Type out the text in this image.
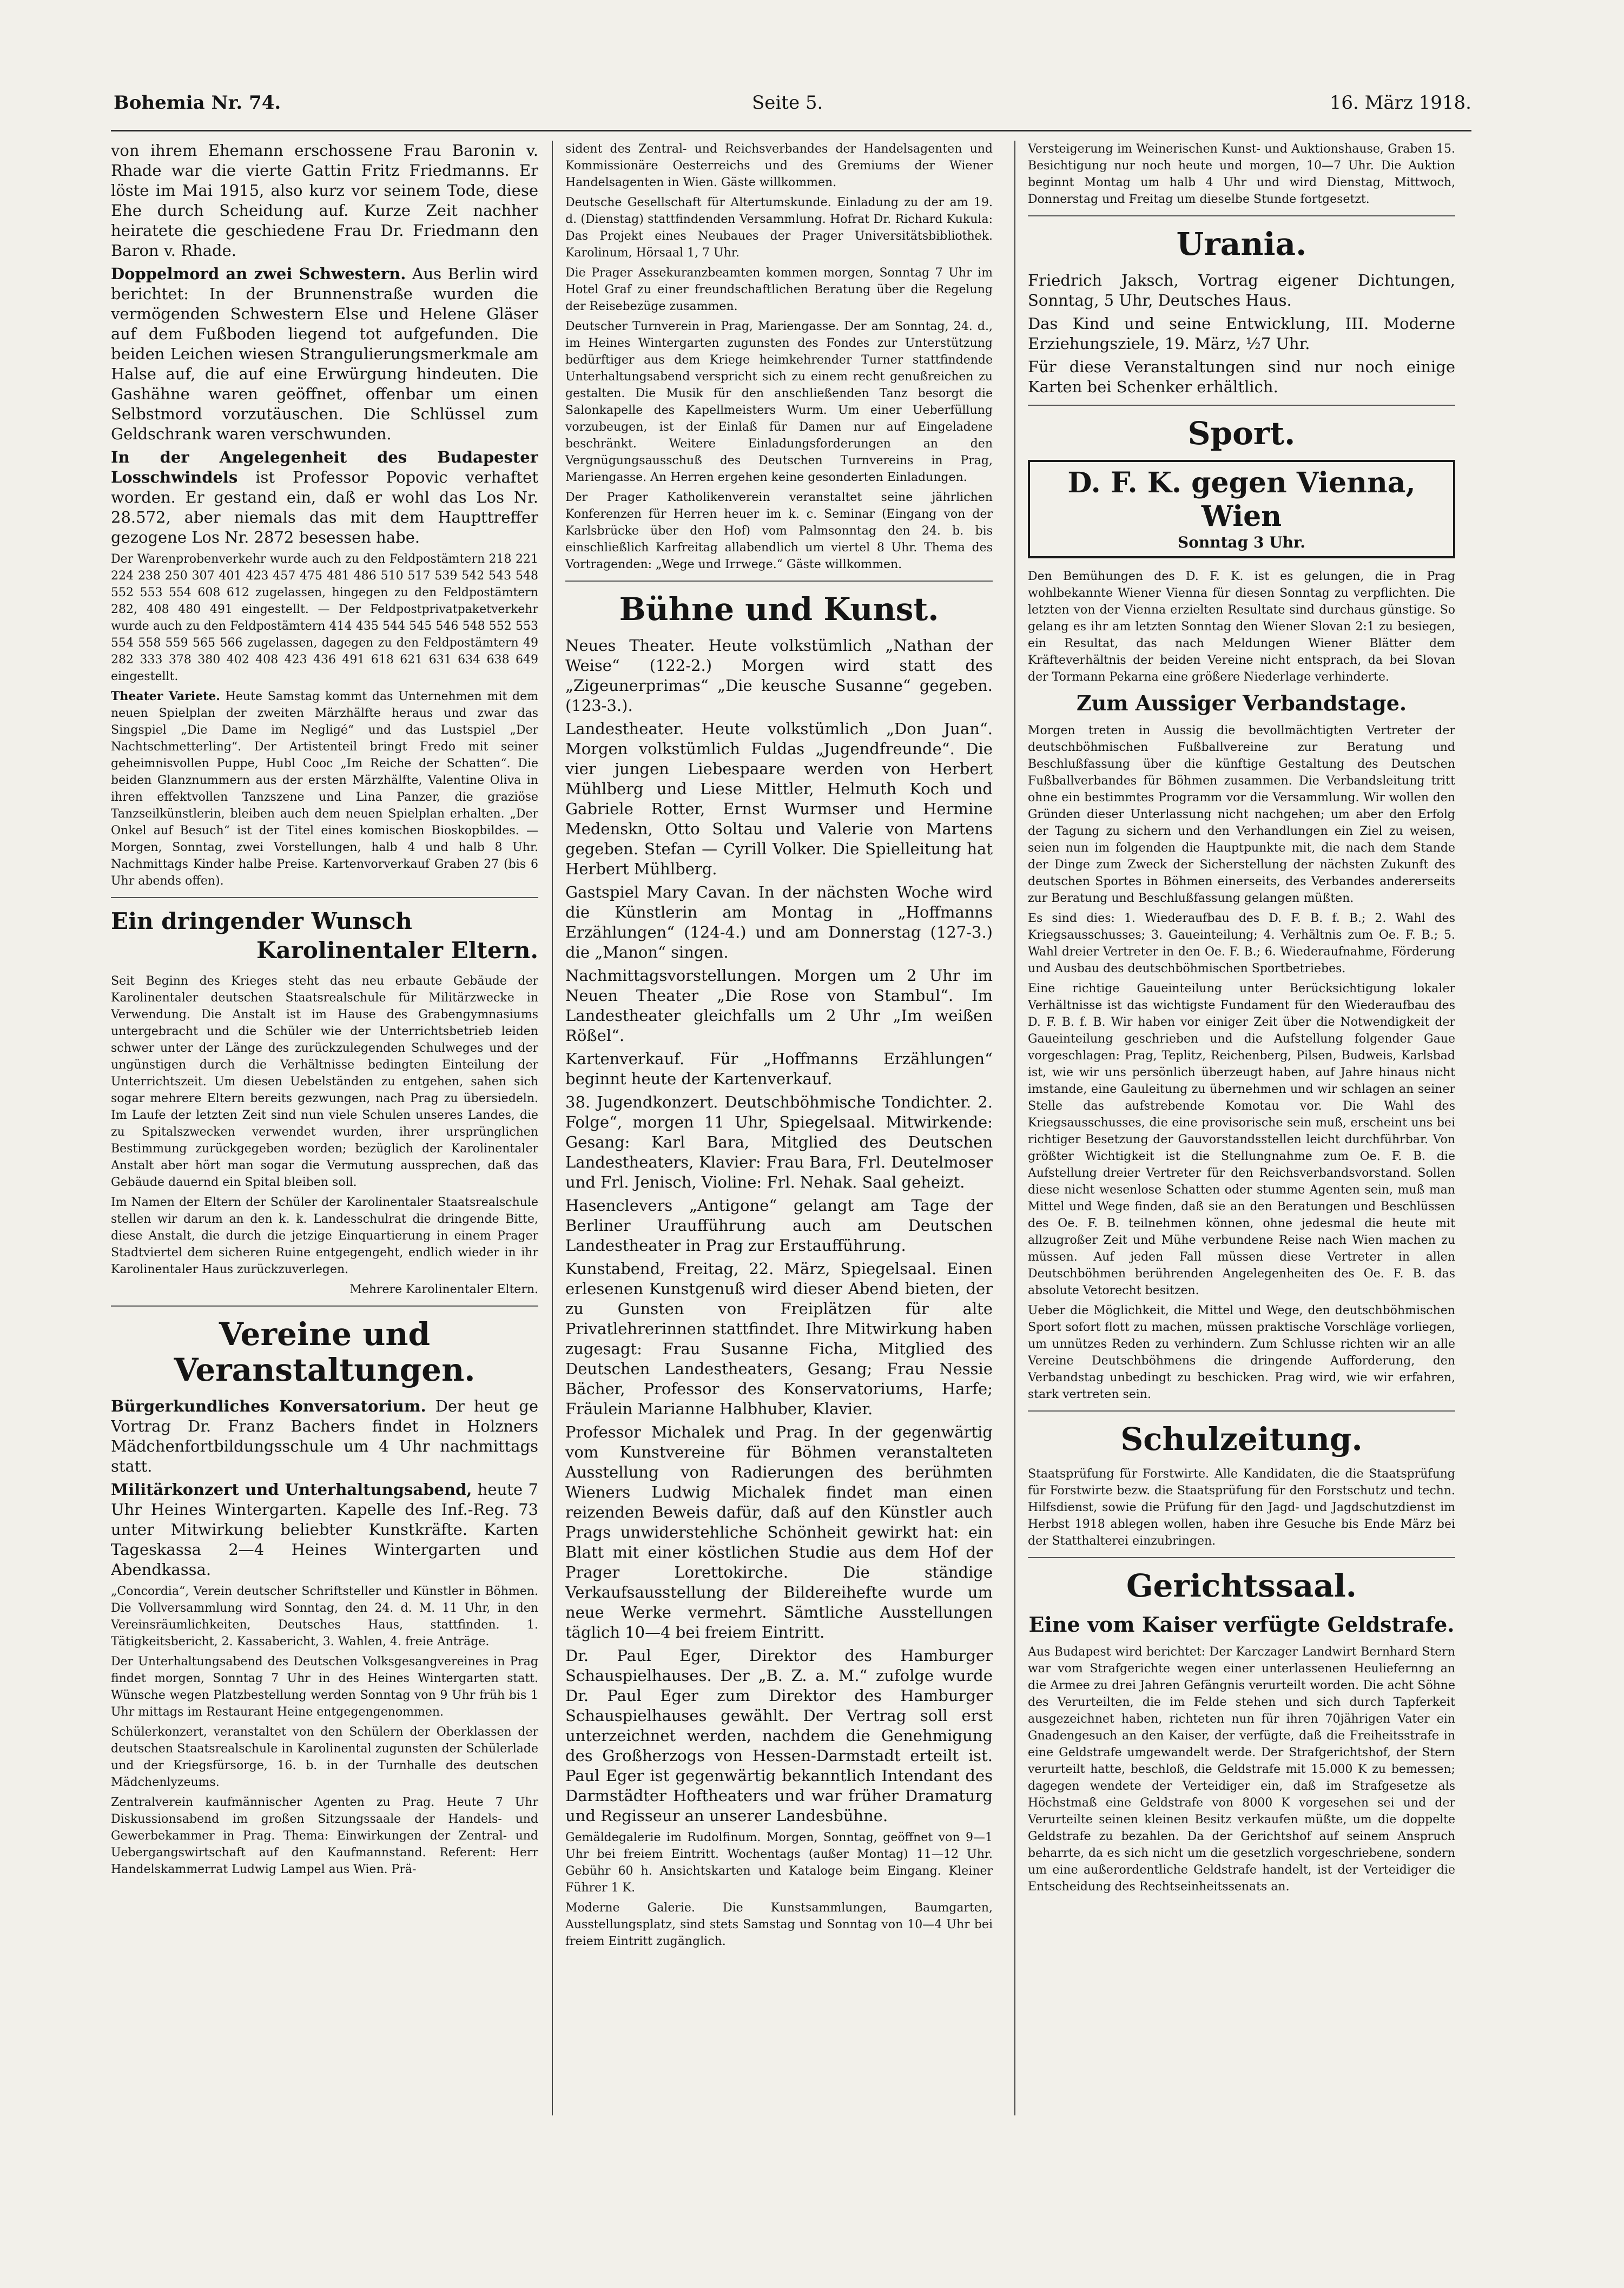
Bohemia Nr. 74.	Seite 5.	16. März 1918.

von ihrem Ehemann erschossene Frau Baronin v. Rhade war die vierte Gattin Fritz Friedmanns. Er löste im Mai 1915, also kurz vor seinem Tode, diese Ehe durch Scheidung auf. Kurze Zeit nachher heiratete die geschiedene Frau Dr. Friedmann den Baron v. Rhade.

Doppelmord an zwei Schwestern. Aus Berlin wird berichtet: In der Brunnenstraße wurden die vermögenden Schwestern Else und Helene Gläser auf dem Fußboden liegend tot aufgefunden. Die beiden Leichen wiesen Strangulierungsmerkmale am Halse auf, die auf eine Erwürgung hindeuten. Die Gashähne waren geöffnet, offenbar um einen Selbstmord vorzutäuschen. Die Schlüssel zum Geldschrank waren verschwunden.

In der Angelegenheit des Budapester Losschwindels ist Professor Popovic verhaftet worden. Er gestand ein, daß er wohl das Los Nr. 28.572, aber niemals das mit dem Haupttreffer gezogene Los Nr. 2872 besessen habe.

Der Warenprobenverkehr wurde auch zu den Feldpostämtern 218 221 224 238 250 307 401 423 457 475 481 486 510 517 539 542 543 548 552 553 554 608 612 zugelassen, hingegen zu den Feldpostämtern 282, 408 480 491 eingestellt. — Der Feldpostprivatpaketverkehr wurde auch zu den Feldpostämtern 414 435 544 545 546 548 552 553 554 558 559 565 566 zugelassen, dagegen zu den Feldpostämtern 49 282 333 378 380 402 408 423 436 491 618 621 631 634 638 649 eingestellt.

Theater Variete. Heute Samstag kommt das Unternehmen mit dem neuen Spielplan der zweiten Märzhälfte heraus und zwar das Singspiel „Die Dame im Negligé“ und das Lustspiel „Der Nachtschmetterling“. Der Artistenteil bringt Fredo mit seiner geheimnisvollen Puppe, Hubl Cooc „Im Reiche der Schatten“. Die beiden Glanznummern aus der ersten Märzhälfte, Valentine Oliva in ihren effektvollen Tanzszene und Lina Panzer, die graziöse Tanzseilkünstlerin, bleiben auch dem neuen Spielplan erhalten. „Der Onkel auf Besuch“ ist der Titel eines komischen Bioskopbildes. — Morgen, Sonntag, zwei Vorstellungen, halb 4 und halb 8 Uhr. Nachmittags Kinder halbe Preise. Kartenvorverkauf Graben 27 (bis 6 Uhr abends offen).

Ein dringender Wunsch
Karolinentaler Eltern.

Seit Beginn des Krieges steht das neu erbaute Gebäude der Karolinentaler deutschen Staatsrealschule für Militärzwecke in Verwendung. Die Anstalt ist im Hause des Grabengymnasiums untergebracht und die Schüler wie der Unterrichtsbetrieb leiden schwer unter der Länge des zurückzulegenden Schulweges und der ungünstigen durch die Verhältnisse bedingten Einteilung der Unterrichtszeit. Um diesen Uebelständen zu entgehen, sahen sich sogar mehrere Eltern bereits gezwungen, nach Prag zu übersiedeln. Im Laufe der letzten Zeit sind nun viele Schulen unseres Landes, die zu Spitalszwecken verwendet wurden, ihrer ursprünglichen Bestimmung zurückgegeben worden; bezüglich der Karolinentaler Anstalt aber hört man sogar die Vermutung aussprechen, daß das Gebäude dauernd ein Spital bleiben soll.

Im Namen der Eltern der Schüler der Karolinentaler Staatsrealschule stellen wir darum an den k. k. Landesschulrat die dringende Bitte, diese Anstalt, die durch die jetzige Einquartierung in einem Prager Stadtviertel dem sicheren Ruine entgegengeht, endlich wieder in ihr Karolinentaler Haus zurückzuverlegen.

Mehrere Karolinentaler Eltern.

Vereine und Veranstaltungen.

Bürgerkundliches Konversatorium. Der heut ge Vortrag Dr. Franz Bachers findet in Holzners Mädchenfortbildungsschule um 4 Uhr nachmittags statt.

Militärkonzert und Unterhaltungsabend, heute 7 Uhr Heines Wintergarten. Kapelle des Inf.-Reg. 73 unter Mitwirkung beliebter Kunstkräfte. Karten Tageskassa 2—4 Heines Wintergarten und Abendkassa.

„Concordia“, Verein deutscher Schriftsteller und Künstler in Böhmen. Die Vollversammlung wird Sonntag, den 24. d. M. 11 Uhr, in den Vereinsräumlichkeiten, Deutsches Haus, stattfinden. 1. Tätigkeitsbericht, 2. Kassabericht, 3. Wahlen, 4. freie Anträge.

Der Unterhaltungsabend des Deutschen Volksgesangvereines in Prag findet morgen, Sonntag 7 Uhr in des Heines Wintergarten statt. Wünsche wegen Platzbestellung werden Sonntag von 9 Uhr früh bis 1 Uhr mittags im Restaurant Heine entgegengenommen.

Schülerkonzert, veranstaltet von den Schülern der Oberklassen der deutschen Staatsrealschule in Karolinental zugunsten der Schülerlade und der Kriegsfürsorge, 16. b. in der Turnhalle des deutschen Mädchenlyzeums.

Zentralverein kaufmännischer Agenten zu Prag. Heute 7 Uhr Diskussionsabend im großen Sitzungssaale der Handels- und Gewerbekammer in Prag. Thema: Einwirkungen der Zentral- und Uebergangswirtschaft auf den Kaufmannstand. Referent: Herr Handelskammerrat Ludwig Lampel aus Wien. Prä-

sident des Zentral- und Reichsverbandes der Handelsagenten und Kommissionäre Oesterreichs und des Gremiums der Wiener Handelsagenten in Wien. Gäste willkommen.

Deutsche Gesellschaft für Altertumskunde. Einladung zu der am 19. d. (Dienstag) stattfindenden Versammlung. Hofrat Dr. Richard Kukula: Das Projekt eines Neubaues der Prager Universitätsbibliothek. Karolinum, Hörsaal 1, 7 Uhr.

Die Prager Assekuranzbeamten kommen morgen, Sonntag 7 Uhr im Hotel Graf zu einer freundschaftlichen Beratung über die Regelung der Reisebezüge zusammen.

Deutscher Turnverein in Prag, Mariengasse. Der am Sonntag, 24. d., im Heines Wintergarten zugunsten des Fondes zur Unterstützung bedürftiger aus dem Kriege heimkehrender Turner stattfindende Unterhaltungsabend verspricht sich zu einem recht genußreichen zu gestalten. Die Musik für den anschließenden Tanz besorgt die Salonkapelle des Kapellmeisters Wurm. Um einer Ueberfüllung vorzubeugen, ist der Einlaß für Damen nur auf Eingeladene beschränkt. Weitere Einladungsforderungen an den Vergnügungsausschuß des Deutschen Turnvereins in Prag, Mariengasse. An Herren ergehen keine gesonderten Einladungen.

Der Prager Katholikenverein veranstaltet seine jährlichen Konferenzen für Herren heuer im k. c. Seminar (Eingang von der Karlsbrücke über den Hof) vom Palmsonntag den 24. b. bis einschließlich Karfreitag allabendlich um viertel 8 Uhr. Thema des Vortragenden: „Wege und Irrwege.“ Gäste willkommen.

Bühne und Kunst.

Neues Theater. Heute volkstümlich „Nathan der Weise“ (122-2.) Morgen wird statt des „Zigeunerprimas“ „Die keusche Susanne“ gegeben. (123-3.).

Landestheater. Heute volkstümlich „Don Juan“. Morgen volkstümlich Fuldas „Jugendfreunde“. Die vier jungen Liebespaare werden von Herbert Mühlberg und Liese Mittler, Helmuth Koch und Gabriele Rotter, Ernst Wurmser und Hermine Medenskn, Otto Soltau und Valerie von Martens gegeben. Stefan — Cyrill Volker. Die Spielleitung hat Herbert Mühlberg.

Gastspiel Mary Cavan. In der nächsten Woche wird die Künstlerin am Montag in „Hoffmanns Erzählungen“ (124-4.) und am Donnerstag (127-3.) die „Manon“ singen.

Nachmittagsvorstellungen. Morgen um 2 Uhr im Neuen Theater „Die Rose von Stambul“. Im Landestheater gleichfalls um 2 Uhr „Im weißen Rößel“.

Kartenverkauf. Für „Hoffmanns Erzählungen“ beginnt heute der Kartenverkauf.

38. Jugendkonzert. Deutschböhmische Tondichter. 2. Folge“, morgen 11 Uhr, Spiegelsaal. Mitwirkende: Gesang: Karl Bara, Mitglied des Deutschen Landestheaters, Klavier: Frau Bara, Frl. Deutelmoser und Frl. Jenisch, Violine: Frl. Nehak. Saal geheizt.

Hasenclevers „Antigone“ gelangt am Tage der Berliner Uraufführung auch am Deutschen Landestheater in Prag zur Erstaufführung.

Kunstabend, Freitag, 22. März, Spiegelsaal. Einen erlesenen Kunstgenuß wird dieser Abend bieten, der zu Gunsten von Freiplätzen für alte Privatlehrerinnen stattfindet. Ihre Mitwirkung haben zugesagt: Frau Susanne Ficha, Mitglied des Deutschen Landestheaters, Gesang; Frau Nessie Bächer, Professor des Konservatoriums, Harfe; Fräulein Marianne Halbhuber, Klavier.

Professor Michalek und Prag. In der gegenwärtig vom Kunstvereine für Böhmen veranstalteten Ausstellung von Radierungen des berühmten Wieners Ludwig Michalek findet man einen reizenden Beweis dafür, daß auf den Künstler auch Prags unwiderstehliche Schönheit gewirkt hat: ein Blatt mit einer köstlichen Studie aus dem Hof der Prager Lorettokirche. Die ständige Verkaufsausstellung der Bildereihefte wurde um neue Werke vermehrt. Sämtliche Ausstellungen täglich 10—4 bei freiem Eintritt.

Dr. Paul Eger, Direktor des Hamburger Schauspielhauses. Der „B. Z. a. M.“ zufolge wurde Dr. Paul Eger zum Direktor des Hamburger Schauspielhauses gewählt. Der Vertrag soll erst unterzeichnet werden, nachdem die Genehmigung des Großherzogs von Hessen-Darmstadt erteilt ist. Paul Eger ist gegenwärtig bekanntlich Intendant des Darmstädter Hoftheaters und war früher Dramaturg und Regisseur an unserer Landesbühne.

Gemäldegalerie im Rudolfinum. Morgen, Sonntag, geöffnet von 9—1 Uhr bei freiem Eintritt. Wochentags (außer Montag) 11—12 Uhr. Gebühr 60 h. Ansichtskarten und Kataloge beim Eingang. Kleiner Führer 1 K.

Moderne Galerie. Die Kunstsammlungen, Baumgarten, Ausstellungsplatz, sind stets Samstag und Sonntag von 10—4 Uhr bei freiem Eintritt zugänglich.

Versteigerung im Weinerischen Kunst- und Auktionshause, Graben 15. Besichtigung nur noch heute und morgen, 10—7 Uhr. Die Auktion beginnt Montag um halb 4 Uhr und wird Dienstag, Mittwoch, Donnerstag und Freitag um dieselbe Stunde fortgesetzt.

Urania.

Friedrich Jaksch, Vortrag eigener Dichtungen, Sonntag, 5 Uhr, Deutsches Haus.

Das Kind und seine Entwicklung, III. Moderne Erziehungsziele, 19. März, ½7 Uhr.

Für diese Veranstaltungen sind nur noch einige Karten bei Schenker erhältlich.

Sport.
D. F. K. gegen Vienna, Wien
Sonntag 3 Uhr.

Den Bemühungen des D. F. K. ist es gelungen, die in Prag wohlbekannte Wiener Vienna für diesen Sonntag zu verpflichten. Die letzten von der Vienna erzielten Resultate sind durchaus günstige. So gelang es ihr am letzten Sonntag den Wiener Slovan 2:1 zu besiegen, ein Resultat, das nach Meldungen Wiener Blätter dem Kräfteverhältnis der beiden Vereine nicht entsprach, da bei Slovan der Tormann Pekarna eine größere Niederlage verhinderte.

Zum Aussiger Verbandstage.

Morgen treten in Aussig die bevollmächtigten Vertreter der deutschböhmischen Fußballvereine zur Beratung und Beschlußfassung über die künftige Gestaltung des Deutschen Fußballverbandes für Böhmen zusammen. Die Verbandsleitung tritt ohne ein bestimmtes Programm vor die Versammlung. Wir wollen den Gründen dieser Unterlassung nicht nachgehen; um aber den Erfolg der Tagung zu sichern und den Verhandlungen ein Ziel zu weisen, seien nun im folgenden die Hauptpunkte mit, die nach dem Stande der Dinge zum Zweck der Sicherstellung der nächsten Zukunft des deutschen Sportes in Böhmen einerseits, des Verbandes andererseits zur Beratung und Beschlußfassung gelangen müßten.

Es sind dies: 1. Wiederaufbau des D. F. B. f. B.; 2. Wahl des Kriegsausschusses; 3. Gaueinteilung; 4. Verhältnis zum Oe. F. B.; 5. Wahl dreier Vertreter in den Oe. F. B.; 6. Wiederaufnahme, Förderung und Ausbau des deutschböhmischen Sportbetriebes.

Eine richtige Gaueinteilung unter Berücksichtigung lokaler Verhältnisse ist das wichtigste Fundament für den Wiederaufbau des D. F. B. f. B. Wir haben vor einiger Zeit über die Notwendigkeit der Gaueinteilung geschrieben und die Aufstellung folgender Gaue vorgeschlagen: Prag, Teplitz, Reichenberg, Pilsen, Budweis, Karlsbad ist, wie wir uns persönlich überzeugt haben, auf Jahre hinaus nicht imstande, eine Gauleitung zu übernehmen und wir schlagen an seiner Stelle das aufstrebende Komotau vor. Die Wahl des Kriegsausschusses, die eine provisorische sein muß, erscheint uns bei richtiger Besetzung der Gauvorstandsstellen leicht durchführbar. Von größter Wichtigkeit ist die Stellungnahme zum Oe. F. B. die Aufstellung dreier Vertreter für den Reichsverbandsvorstand. Sollen diese nicht wesenlose Schatten oder stumme Agenten sein, muß man Mittel und Wege finden, daß sie an den Beratungen und Beschlüssen des Oe. F. B. teilnehmen können, ohne jedesmal die heute mit allzugroßer Zeit und Mühe verbundene Reise nach Wien machen zu müssen. Auf jeden Fall müssen diese Vertreter in allen Deutschböhmen berührenden Angelegenheiten des Oe. F. B. das absolute Vetorecht besitzen.

Ueber die Möglichkeit, die Mittel und Wege, den deutschböhmischen Sport sofort flott zu machen, müssen praktische Vorschläge vorliegen, um unnützes Reden zu verhindern. Zum Schlusse richten wir an alle Vereine Deutschböhmens die dringende Aufforderung, den Verbandstag unbedingt zu beschicken. Prag wird, wie wir erfahren, stark vertreten sein.

Schulzeitung.

Staatsprüfung für Forstwirte. Alle Kandidaten, die die Staatsprüfung für Forstwirte bezw. die Staatsprüfung für den Forstschutz und techn. Hilfsdienst, sowie die Prüfung für den Jagd- und Jagdschutzdienst im Herbst 1918 ablegen wollen, haben ihre Gesuche bis Ende März bei der Statthalterei einzubringen.

Gerichtssaal.
Eine vom Kaiser verfügte Geldstrafe.

Aus Budapest wird berichtet: Der Karczager Landwirt Bernhard Stern war vom Strafgerichte wegen einer unterlassenen Heuliefernng an die Armee zu drei Jahren Gefängnis verurteilt worden. Die acht Söhne des Verurteilten, die im Felde stehen und sich durch Tapferkeit ausgezeichnet haben, richteten nun für ihren 70jährigen Vater ein Gnadengesuch an den Kaiser, der verfügte, daß die Freiheitsstrafe in eine Geldstrafe umgewandelt werde. Der Strafgerichtshof, der Stern verurteilt hatte, beschloß, die Geldstrafe mit 15.000 K zu bemessen; dagegen wendete der Verteidiger ein, daß im Strafgesetze als Höchstmaß eine Geldstrafe von 8000 K vorgesehen sei und der Verurteilte seinen kleinen Besitz verkaufen müßte, um die doppelte Geldstrafe zu bezahlen. Da der Gerichtshof auf seinem Anspruch beharrte, da es sich nicht um die gesetzlich vorgeschriebene, sondern um eine außerordentliche Geldstrafe handelt, ist der Verteidiger die Entscheidung des Rechtseinheitssenats an.
